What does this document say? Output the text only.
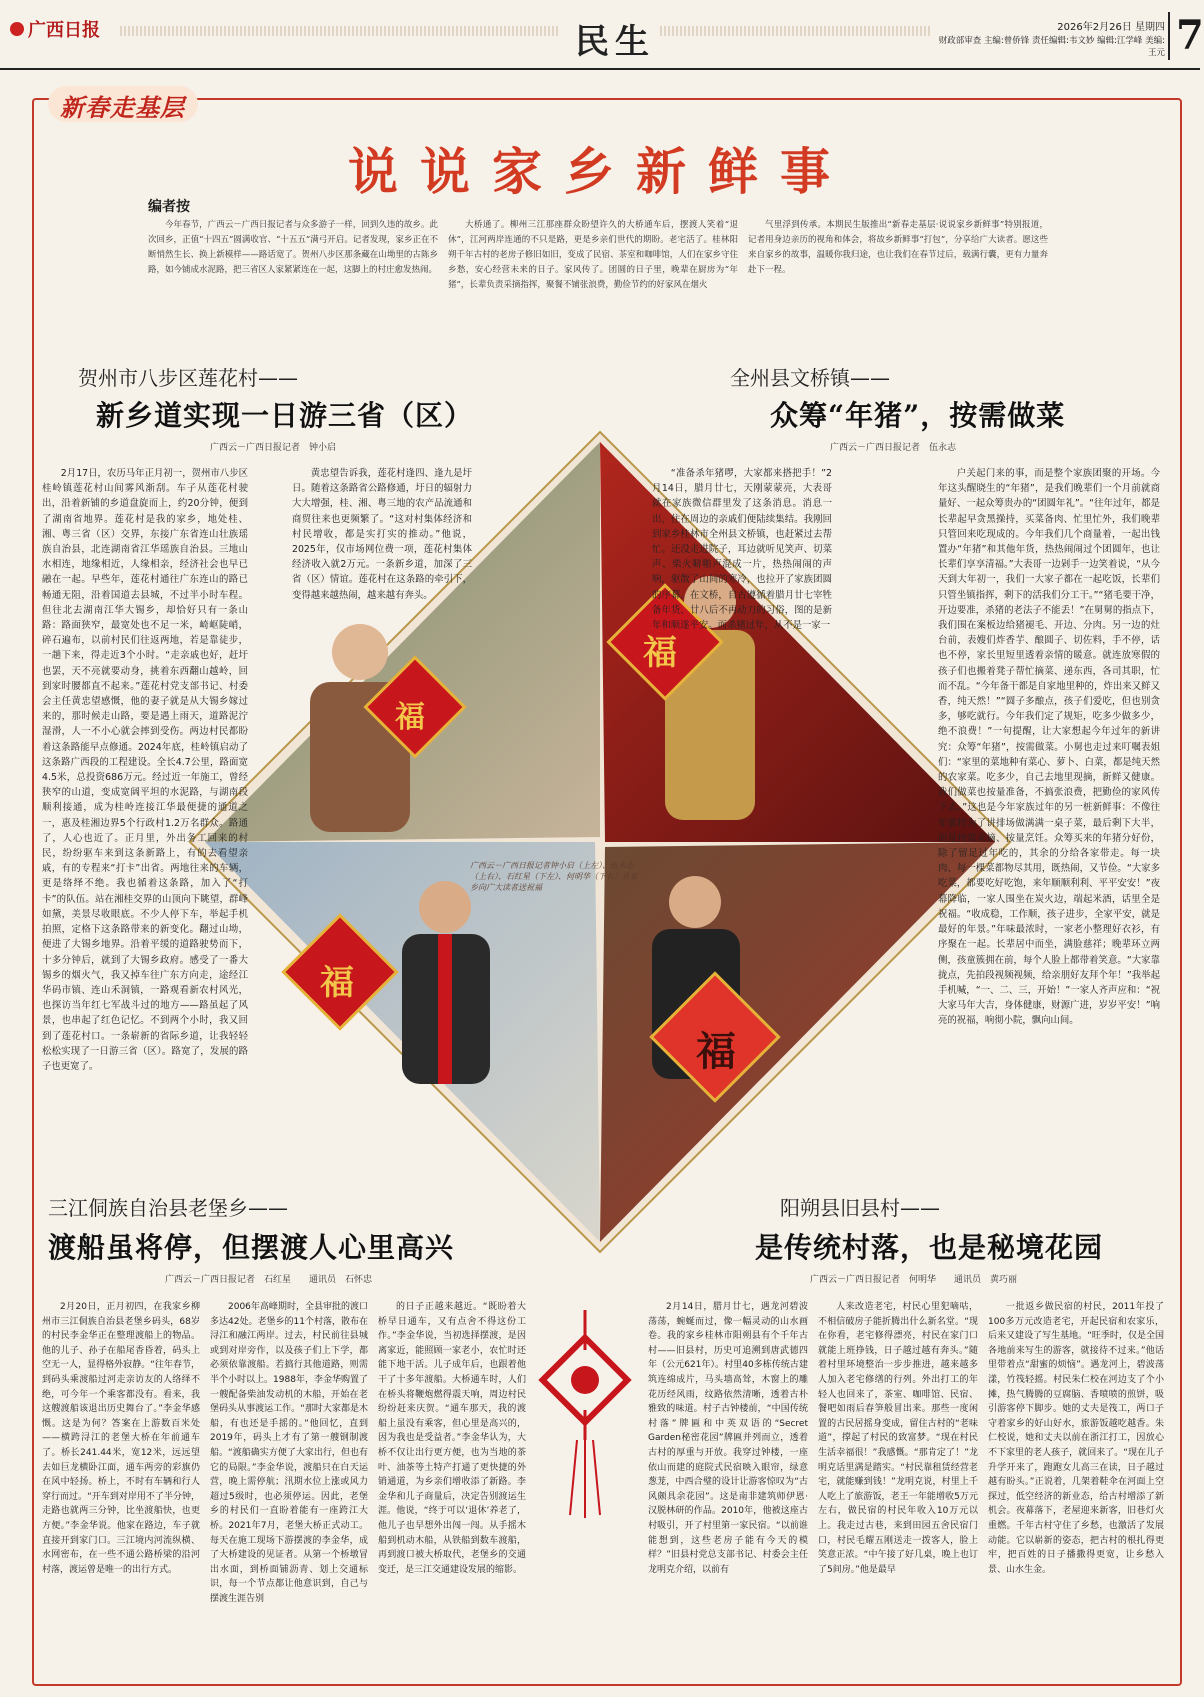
广西日报	民生	2026年2月26日 星期四
财政部审查 主编:曾侨锋 责任编辑:韦文妙 编辑:江学峰 美编:王元 7
新春走基层
说说家乡新鲜事
编者按

今年春节，广西云－广西日报记者与众多游子一样，回到久违的故乡。此次回乡，正值“十四五”圆满收官、“十五五”满弓开启。记者发现，家乡正在不断悄然生长、换上新模样——路话宽了。贺州八步区那条藏在山坳里的古陈乡路，如今铺成水泥路，把三省区人家紧紧连在一起，这脚上的村庄愈发热闹。

大桥通了。柳州三江那座群众盼望许久的大桥通车后，摆渡人笑着“退休”，江河两岸连通的不只是路，更是乡亲们世代的期盼。老宅活了。桂林阳朔千年古村的老房子修旧如旧，变成了民宿、茶室和咖啡馆，人们在家乡守住乡愁，安心经营未来的日子。家风传了。团圆的日子里，晚辈在厨房为“年猪”，长辈负责采摘指挥，聚餐不铺张浪费，勤俭节约的好家风在烟火

气里浮到传承。本期民生版推出“新春走基层·说说家乡新鲜事”特别报道，记者用身边亲历的视角和体会，将故乡新鲜事“打包”，分享给广大读者。愿这些来自家乡的故事，温暖你我归途，也让我们在春节过后，载满行囊，更有力量奔赴下一程。

贺州市八步区莲花村——
新乡道实现一日游三省（区）
广西云－广西日报记者　钟小启
全州县文桥镇——
众筹“年猪”，按需做菜
广西云－广西日报记者　伍永志
福
福
福
福
广西云－广西日报记者钟小启（上左）、伍永志（上右）、石红星（下左）、何明华（下右）在家乡向广大读者送祝福

2月17日，农历马年正月初一，贺州市八步区桂岭镇莲花村山间雾风渐刮。车子从莲花村驶出，沿着新铺的乡道盘旋而上，约20分钟，便到了湖南省地界。莲花村是我的家乡，地处桂、湘、粤三省（区）交界，东接广东省连山壮族瑶族自治县，北连湖南省江华瑶族自治县。三地山水相连，地缘相近，人缘相亲，经济社会也早已融在一起。早些年，莲花村通往广东连山的路已畅通无阻，沿着国道去县城，不过半小时车程。但往北去湖南江华大锡乡，却恰好只有一条山路：路面狭窄，最宽处也不足一米，崎岖陡峭，碎石遍布，以前村民们往返两地，若是靠徒步，一趟下来，得走近3个小时。“走亲戚也好，赶圩也罢，天不亮就要动身，挑着东西翻山越岭，回到家时腰都直不起来。”莲花村党支部书记、村委会主任黄忠望感慨，他的妻子就是从大锡乡嫁过来的，那时候走山路，要是遇上雨天，道路泥泞湿滑，人一不小心就会摔到受伤。两边村民都盼着这条路能早点修通。2024年底，桂岭镇启动了这条路广西段的工程建设。全长4.7公里，路面宽4.5米，总投资686万元。经过近一年施工，曾经狭窄的山道，变成宽阔平坦的水泥路，与湖南段顺利接通，成为桂岭连接江华最便捷的通道之一，惠及桂湘边界5个行政村1.2万名群众。路通了，人心也近了。正月里，外出务工回来的村民，纷纷驱车来到这条新路上，有的去看望亲戚，有的专程来“打卡”出省。两地往来的车辆，更是络绎不绝。我也循着这条路，加入了“打卡”的队伍。站在湘桂交界的山顶向下眺望，群峰如黛，美景尽收眼底。不少人停下车，举起手机拍照，定格下这条路带来的新变化。翻过山坳，便进了大锡乡地界。沿着平缓的道路驶势而下，十多分钟后，就到了大锡乡政府。感受了一番大锡乡的烟火气，我又掉车往广东方向走，途经江华码市镇、连山禾洞镇，一路观看新农村风光，也探访当年红七军战斗过的地方——路虽起了风景，也串起了红色记忆。不到两个小时，我又回到了莲花村口。一条崭新的省际乡道，让我轻轻松松实现了一日游三省（区）。路宽了，发展的路子也更宽了。

黄忠望告诉我，莲花村逢四、逢九是圩日。随着这条路省公路修通，圩日的辐射力大大增强，桂、湘、粤三地的农产品流通和商贸往来也更频繁了。“这对村集体经济和村民增收，都是实打实的推动。”他说，2025年，仅市场网位费一项，莲花村集体经济收入就2万元。一条新乡道，加深了三省（区）情谊。莲花村在这条路的牵引下，变得越来越热闹，越来越有奔头。

“准备杀年猪啰，大家都来搭把手！”2月14日，腊月廿七，天刚蒙蒙亮，大表哥就在家族微信群里发了这条消息。消息一出，住在周边的亲戚们便陆续集结。我刚回到家乡桂林市全州县文桥镇，也赶紧过去帮忙。还没走进院子，耳边就听见笑声、切菜声、柴火噼啪声混成一片，热热闹闹的声响，驱散了山间的寒冷，也拉开了家族团圆的序幕。在文桥，自古遵循着腊月廿七宰牲备年货、廿八后不再动刀的习俗，图的是新年和顺遂平安。而杀猪过年，从不是一家一

户关起门来的事，而是整个家族团聚的开场。今年这头醒晓生的“年猪”，是我们晚辈们一个月前就商量好、一起众筹贵办的“团圆年礼”。“往年过年，都是长辈起早贪黑操持，买菜备肉、忙里忙外，我们晚辈只管回来吃现成的。今年我们几个商量着，一起出钱置办“年猪”和其他年货，热热闹闹过个团圆年，也让长辈们享享清福。”大表哥一边剁手一边笑着说，“从今天到大年初一，我们一大家子都在一起吃饭，长辈们只管坐镇指挥，剩下的活我们分工干。”“猪毛要干净，开边要准，杀猪的老法子不能丢！”在舅舅的指点下，我们围在案板边给猪褪毛、开边、分肉。另一边的灶台前，表嫂们炸香芋、酿圆子、切佐料，手不停，话也不停，家长里短里透着亲情的暖意。就连放寒假的孩子们也搬着凳子帮忙摘菜、递东西，各司其职，忙而不乱。“今年备干都是自家地里种的，炸出来又鲜又香，纯天然！”“圆子多酿点，孩子们爱吃，但也别贪多，够吃就行。今年我们定了规矩，吃多少做多少，绝不浪费！”一句提醒，让大家想起今年过年的新讲究：众筹“年猪”，按需做菜。小舅也走过来叮嘱表姐们：“家里的菜地种有菜心、萝卜、白菜，都是纯天然的农家菜。吃多少，自己去地里现摘，新鲜又健康。我们做菜也按量准备，不搞张浪费，把勤俭的家风传下去。”这也是今年家族过年的另一桩新鲜事：不像往年那样为了讲排场做满满一桌子菜，最后剩下大半，而是按需采摘、按量烹饪。众筹买来的年猪分好份，除了留足过年吃的，其余的分给各家带走。每一块肉、每一棵菜都物尽其用，既热闹，又节俭。“大家多吃菜，都要吃好吃饱，来年顺顺利利、平平安安！”夜幕降临，一家人围坐在炭火边，端起米酒，话里全是祝福。“收成稳，工作顺，孩子进步，全家平安，就是最好的年景。”年味最浓时，一家老小整理好衣衫，有序聚在一起。长辈居中而坐，满脸慈祥；晚辈环立两侧，孩童簇拥在前，每个人脸上都带着笑意。“大家靠拢点，先拍段视频视频，给亲朋好友拜个年！”我举起手机喊，“一、二、三，开始！”一家人齐声应和：“祝大家马年大吉，身体健康，财源广进，岁岁平安！”响亮的祝福，响彻小院，飘向山间。

三江侗族自治县老堡乡——
渡船虽将停，但摆渡人心里高兴
广西云－广西日报记者　石红星　　通讯员　石怀忠
阳朔县旧县村——
是传统村落，也是秘境花园
广西云－广西日报记者　何明华　　通讯员　黄巧丽

2月20日，正月初四，在我家乡柳州市三江侗族自治县老堡乡码头，68岁的村民李金华正在整理渡船上的物品。他的儿子、孙子在船尾香昏着，码头上空无一人，显得格外寂静。“往年春节，到码头乘渡船过河走亲访友的人络绎不绝，可今年一个乘客都没有。看来，我这艘渡船该退出历史舞台了。”李金华感慨。这是为何？答案在上游数百米处——横跨浔江的老堡大桥在年前通车了。桥长241.44米，宽12米，远远望去如巨龙横卧江面，通车两旁的彩旗仍在风中轻扬。桥上，不时有车辆和行人穿行而过。“开车到对岸用不了半分钟，走路也就两三分钟，比坐渡船快，也更方便。”李金华说。他家在路边，车子就直接开到家门口。三江境内河流纵横、水网密布，在一些不通公路桥梁的沿河村落，渡运曾是唯一的出行方式。

2006年高峰期时，全县审批的渡口多达42处。老堡乡的11个村落，散布在浔江和融江两岸。过去，村民前往县城或到对岸旁作，以及孩子们上下学，都必须依靠渡船。若搞行其他道路，则需半个小时以上。1988年，李金华购置了一艘配备柴油发动机的木船，开始在老堡码头从事渡运工作。“那时大家都是木船，有也还是手摇的。”他回忆，直到2019年，码头上才有了第一艘钢制渡船。“渡船确实方便了大家出行，但也有它的局限。”李金华说，渡船只在白天运营，晚上需停航；汛期水位上涨或风力超过5级时，也必须停运。因此，老堡乡的村民们一直盼着能有一座跨江大桥。2021年7月，老堡大桥正式动工。每天在施工现场下游摆渡的李金华，成了大桥建设的见证者。从第一个桥墩冒出水面，到桥面铺沥青、划上交通标识，每一个节点都让他意识到，自己与摆渡生涯告别

的日子正越来越近。“既盼着大桥早日通车，又有点舍不得这份工作。”李金华说，当初选择摆渡，是因离家近，能照顾一家老小，农忙时还能下地干活。儿子成年后，也跟着他干了十多年渡船。大桥通车时，人们在桥头将鞭炮燃得震天响，周边村民纷纷赶来庆贺。“通车那天，我的渡船上虽没有乘客，但心里是高兴的，因为我也是受益者。”李金华认为，大桥不仅让出行更方便，也为当地的茶叶、油茶等土特产打通了更快捷的外销通道，为乡亲们增收添了新路。李金华和儿子商量后，决定告别渡运生涯。他说，“终于可以‘退休’养老了，他儿子也早想外出闯一闯。从手摇木船到机动木船，从铁船到数车渡船，再到渡口被大桥取代，老堡乡的交通变迁，是三江交通建设发展的缩影。

2月14日，腊月廿七，遇龙河碧波荡荡，蜿蜒而过，像一幅灵动的山水画卷。我的家乡桂林市阳朔县有个千年古村——旧县村，历史可追溯到唐武德四年（公元621年）。村里40多栋传统古建筑连绵成片，马头墙高耸，木窗上的雕花历经风雨，纹路依然清晰，透着古朴雅致的味道。村子古钟楼前，“中国传统村落”牌匾和中英双语的“Secret Garden秘密花园”牌匾并列而立，透着古村的厚重与开放。我穿过钟楼，一座依山而建的庭院式民宿映入眼帘，绿意葱茏，中西合璧的设计让游客惊叹为“古风颇具余花园”。这是南非建筑师伊恩·汉脱林研的作品。2010年，他被这座古村吸引，开了村里第一家民宿。“以前谁能想到，这些老房子能有今天的模样？”旧县村党总支部书记、村委会主任龙明克介绍，以前有

人来改造老宅，村民心里犯嘀咕，不相信破房子能折腾出什么新名堂。“现在你看，老宅修得漂亮，村民在家门口就能上班挣钱，日子越过越有奔头。”随着村里环境整治一步步推进，越来越多人加入老宅修缮的行列。外出打工的年轻人也回来了，茶室、咖啡馆、民宿、餐吧如雨后春笋般冒出来。那些一度闲置的古民居摇身变成，留住古村的“老味道”，撑起了村民的致富梦。“现在村民生活幸福很！”我感慨。“那肯定了！”龙明克话里满是踏实。“村民靠租赁经营老宅，就能赚到钱！”龙明克说，村里上千人吃上了旅游饭，老王一年能增收5万元左右，做民宿的村民年收入10万元以上。我走过古巷，来到田园五舍民宿门口，村民毛耀五刚送走一拨客人，脸上笑意正浓。“中午接了好几桌，晚上也订了5间房。”他是最早

一批返乡做民宿的村民，2011年投了100多万元改造老宅，开起民宿和农家乐，后来又建设了写生基地。“旺季时，仅是全国各地前来写生的游客，就接待不过来。”他话里带着点“甜蜜的烦恼”。遇龙河上，碧波荡漾，竹筏轻摇。村民朱仁校在河边支了个小摊，热气腾腾的豆腐脑、香喷喷的煎饼，吸引游客停下脚步。她的丈夫是筏工，两口子守着家乡的好山好水，旅游饭越吃越香。朱仁校说，她和丈夫以前在浙江打工，因放心不下家里的老人孩子，就回来了。“现在儿子升学开来了，跑跑女儿高三在读，日子越过越有盼头。”正说着，几架着鞋伞在河面上空探过，低空经济的新业态，给古村增添了新机会。夜幕落下，老屋迎来新客，旧巷灯火重燃。千年古村守住了乡愁，也激活了发展动能。它以崭新的姿态，把古村的根扎得更牢，把百姓的日子播撒得更宽，让乡愁入景、山水生金。
